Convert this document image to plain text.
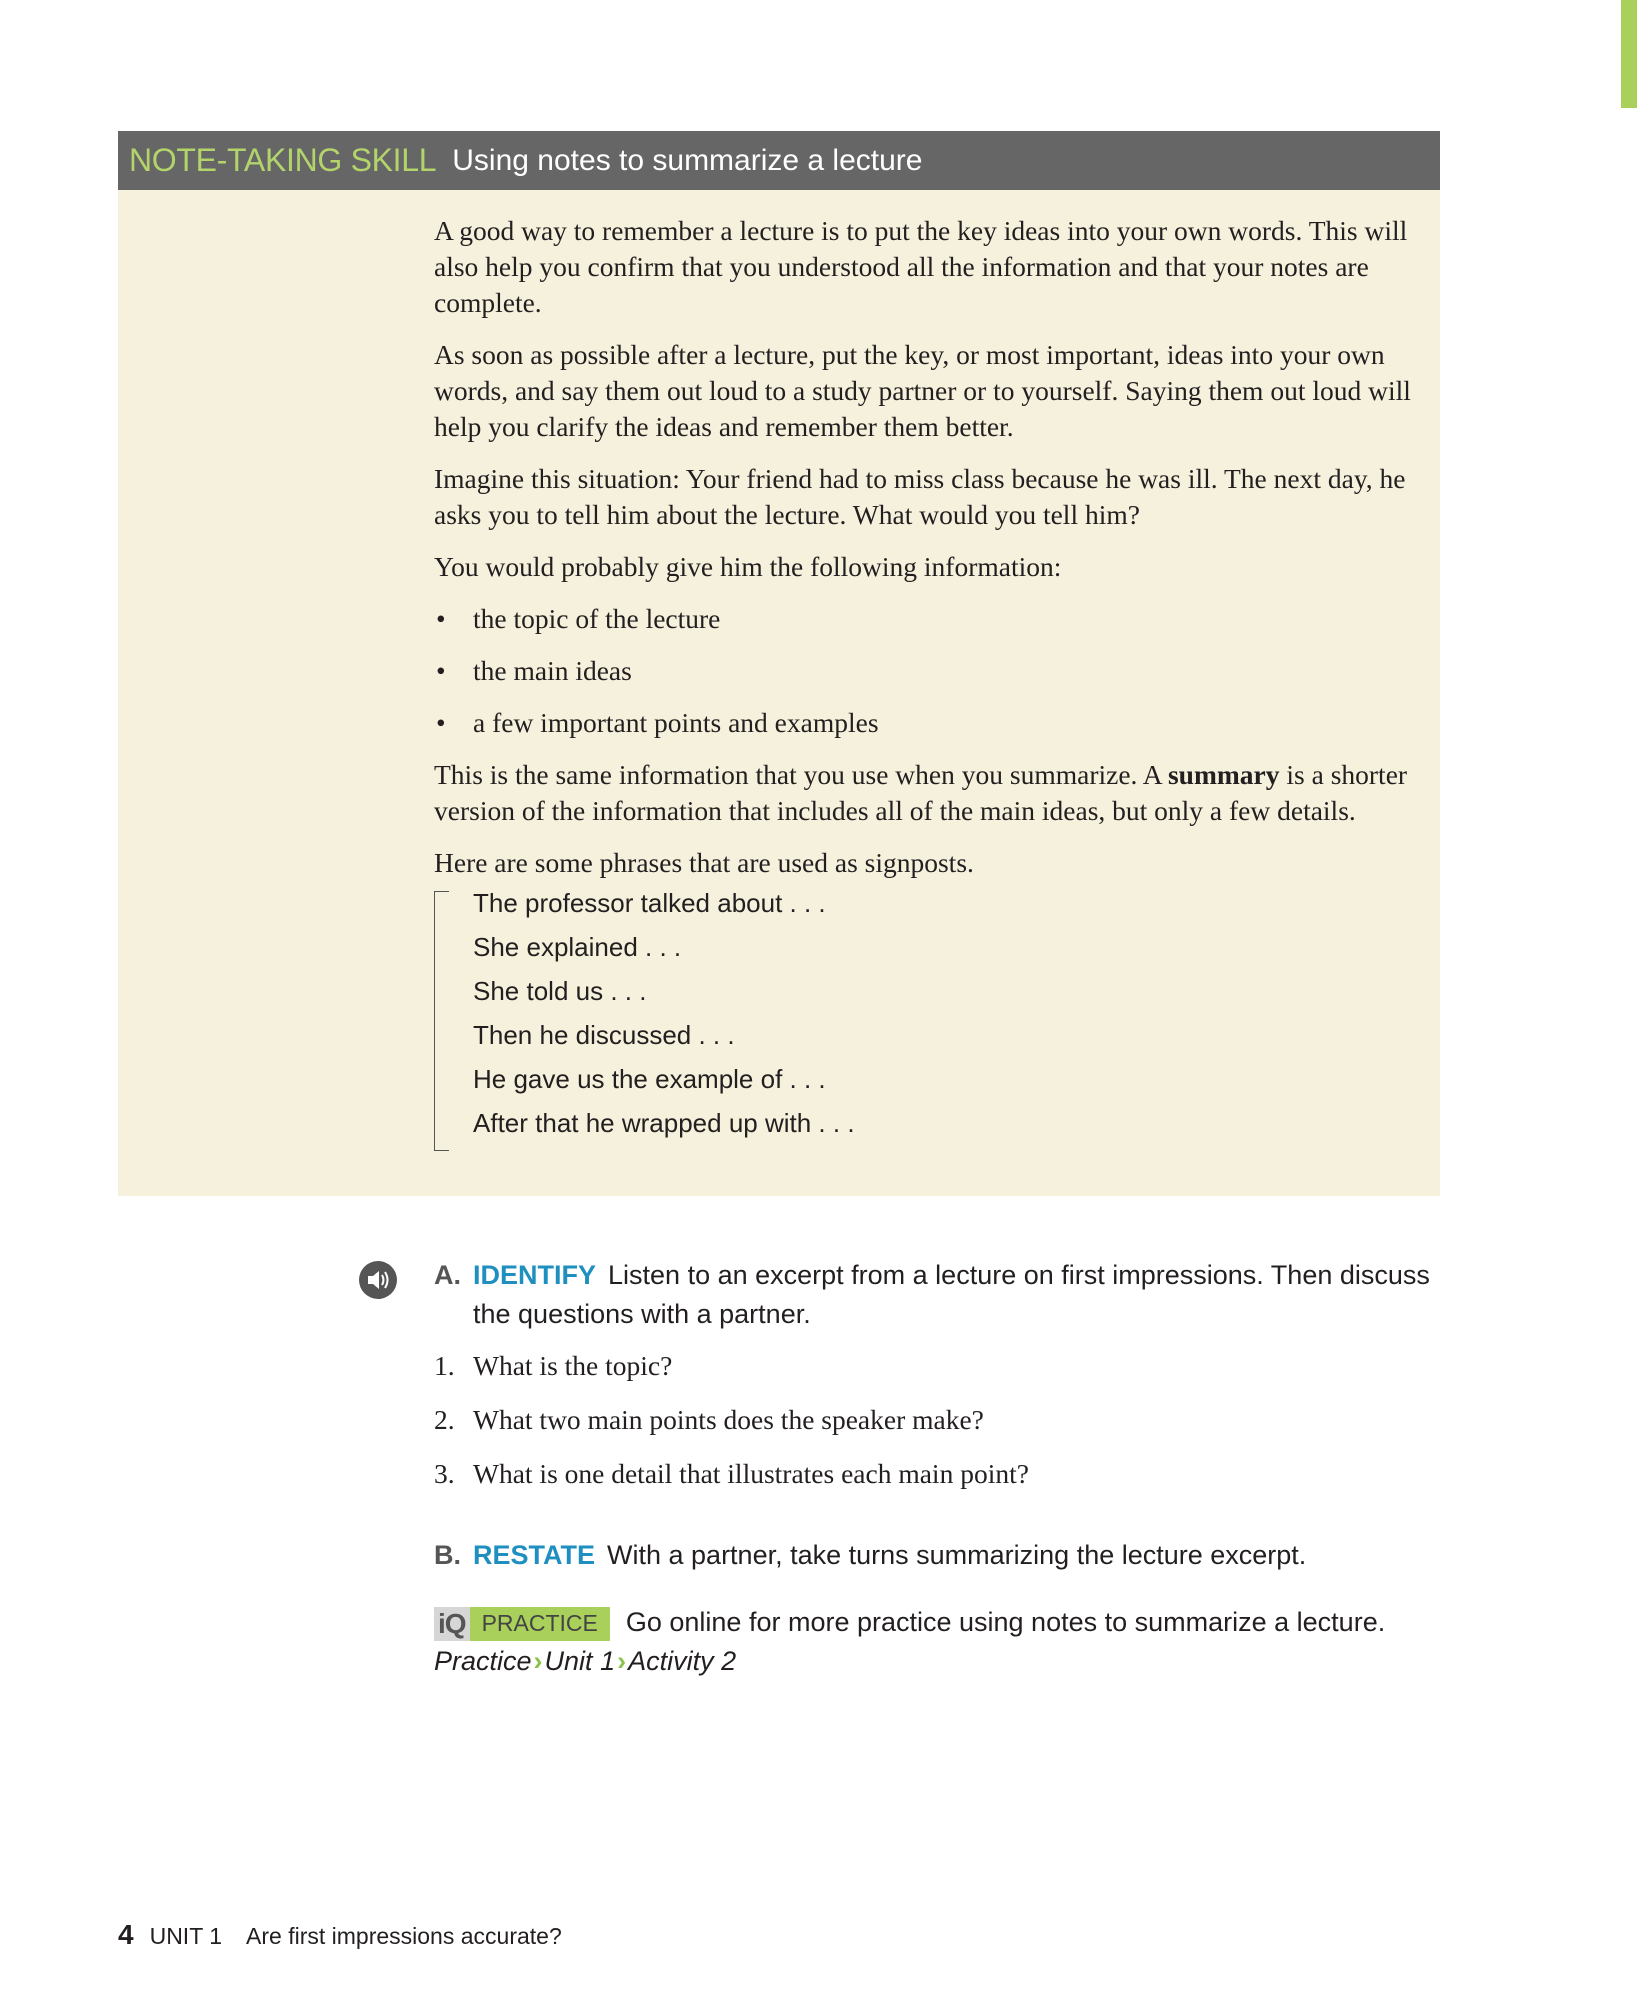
NOTE-TAKING SKILL Using notes to summarize a lecture

A good way to remember a lecture is to put the key ideas into your own words. This will also help you confirm that you understood all the information and that your notes are complete.

As soon as possible after a lecture, put the key, or most important, ideas into your own words, and say them out loud to a study partner or to yourself. Saying them out loud will help you clarify the ideas and remember them better.

Imagine this situation: Your friend had to miss class because he was ill. The next day, he asks you to tell him about the lecture. What would you tell him?

You would probably give him the following information:

• the topic of the lecture
• the main ideas
• a few important points and examples

This is the same information that you use when you summarize. A summary is a shorter version of the information that includes all of the main ideas, but only a few details.

Here are some phrases that are used as signposts.

The professor talked about . . .
She explained . . .
She told us . . .
Then he discussed . . .
He gave us the example of . . .
After that he wrapped up with . . .
A. IDENTIFY Listen to an excerpt from a lecture on first impressions. Then discuss the questions with a partner.
1. What is the topic?
2. What two main points does the speaker make?
3. What is one detail that illustrates each main point?
B. RESTATE With a partner, take turns summarizing the lecture excerpt.
iQ PRACTICE	Go online for more practice using notes to summarize a lecture.
Practice›Unit 1›Activity 2
4 UNIT 1 Are first impressions accurate?
